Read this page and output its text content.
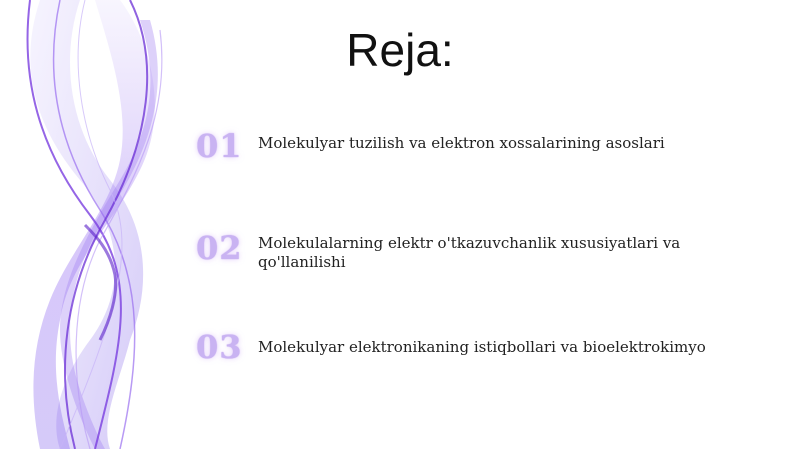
Reja:
01	Molekulyar tuzilish va elektron xossalarining asoslari
02	Molekulalarning elektr o'tkazuvchanlik xususiyatlari va qo'llanilishi
03	Molekulyar elektronikaning istiqbollari va bioelektrokimyo
